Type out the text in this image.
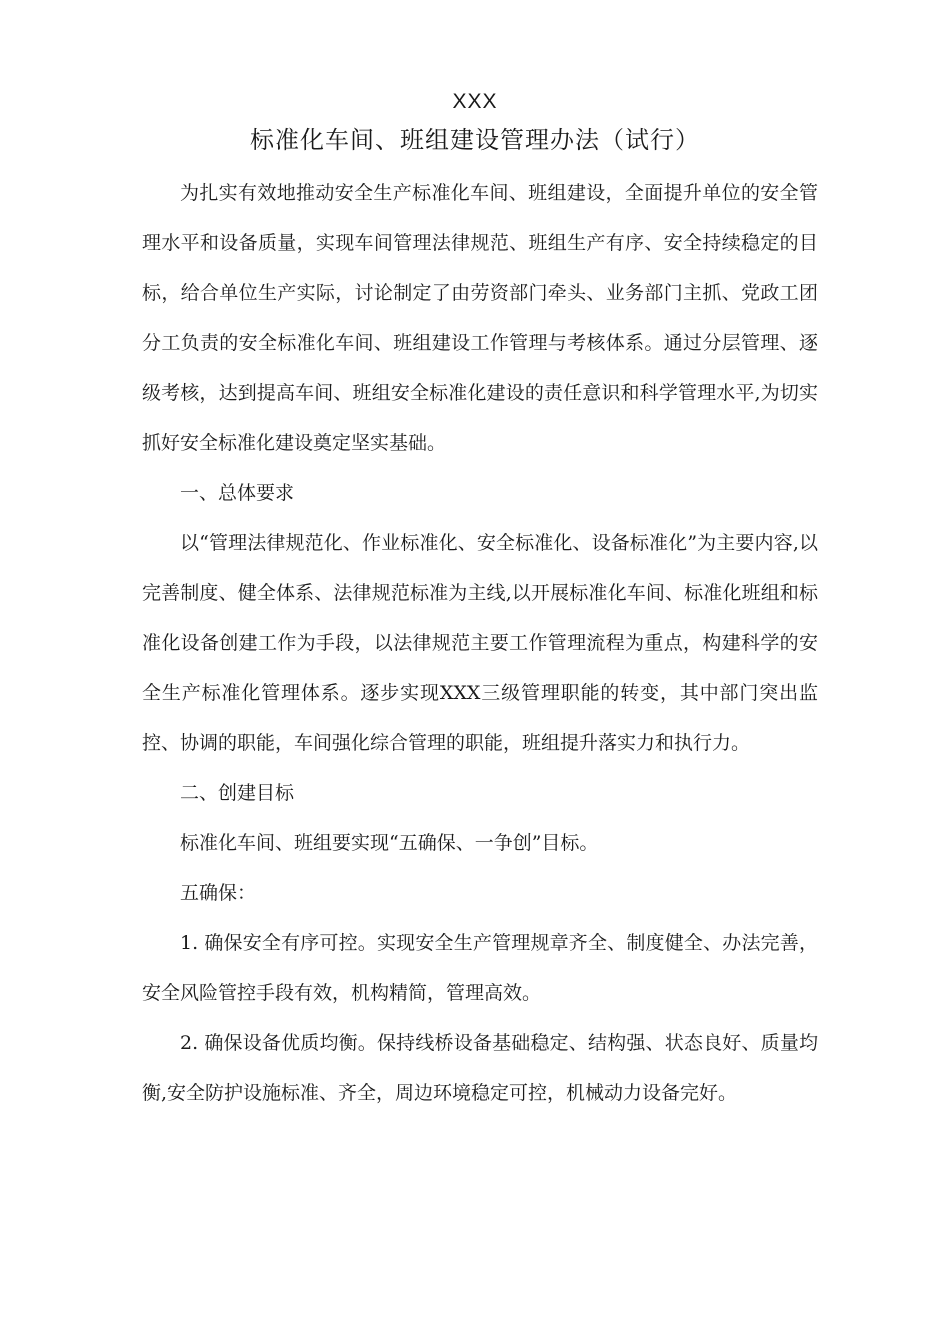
XXX
标准化车间、班组建设管理办法（试行）

为扎实有效地推动安全生产标准化车间、班组建设，全面提升单位的安全管理水平和设备质量，实现车间管理法律规范、班组生产有序、安全持续稳定的目标，给合单位生产实际，讨论制定了由劳资部门牵头、业务部门主抓、党政工团分工负责的安全标准化车间、班组建设工作管理与考核体系。通过分层管理、逐级考核，达到提高车间、班组安全标准化建设的责任意识和科学管理水平,为切实抓好安全标准化建设奠定坚实基础。

一、总体要求

以“管理法律规范化、作业标准化、安全标准化、设备标准化”为主要内容,以完善制度、健全体系、法律规范标准为主线,以开展标准化车间、标准化班组和标准化设备创建工作为手段，以法律规范主要工作管理流程为重点，构建科学的安全生产标准化管理体系。逐步实现XXX三级管理职能的转变，其中部门突出监控、协调的职能，车间强化综合管理的职能，班组提升落实力和执行力。

二、创建目标

标准化车间、班组要实现“五确保、一争创”目标。

五确保：

1. 确保安全有序可控。实现安全生产管理规章齐全、制度健全、办法完善，安全风险管控手段有效，机构精简，管理高效。

2. 确保设备优质均衡。保持线桥设备基础稳定、结构强、状态良好、质量均衡,安全防护设施标准、齐全，周边环境稳定可控，机械动力设备完好。
